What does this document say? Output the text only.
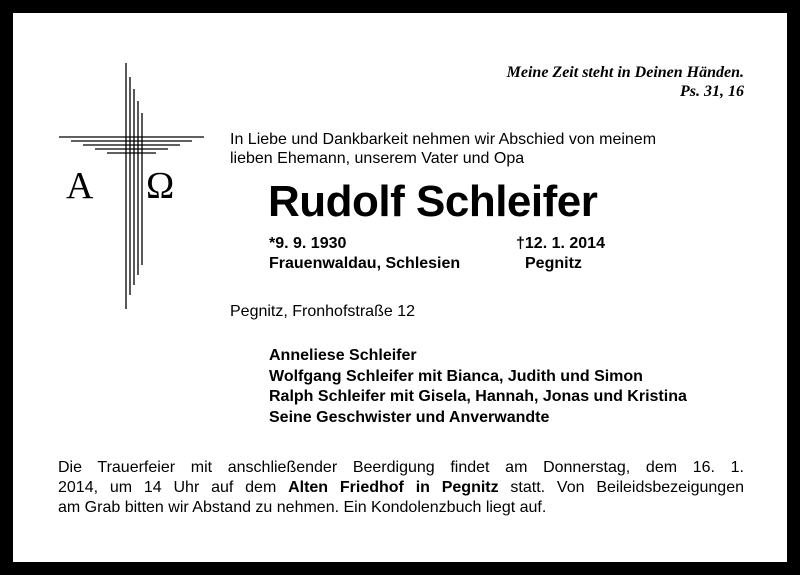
Meine Zeit steht in Deinen Händen.
Ps. 31, 16
Α Ω
In Liebe und Dankbarkeit nehmen wir Abschied von meinem
lieben Ehemann, unserem Vater und Opa
Rudolf Schleifer
*9. 9. 1930
Frauenwaldau, Schlesien
†12. 1. 2014
Pegnitz
Pegnitz, Fronhofstraße 12
Anneliese Schleifer
Wolfgang Schleifer mit Bianca, Judith und Simon
Ralph Schleifer mit Gisela, Hannah, Jonas und Kristina
Seine Geschwister und Anverwandte
Die Trauerfeier mit anschließender Beerdigung findet am Donnerstag, dem 16. 1.
2014, um 14 Uhr auf dem Alten Friedhof in Pegnitz statt. Von Beileidsbezeigungen
am Grab bitten wir Abstand zu nehmen. Ein Kondolenzbuch liegt auf.
